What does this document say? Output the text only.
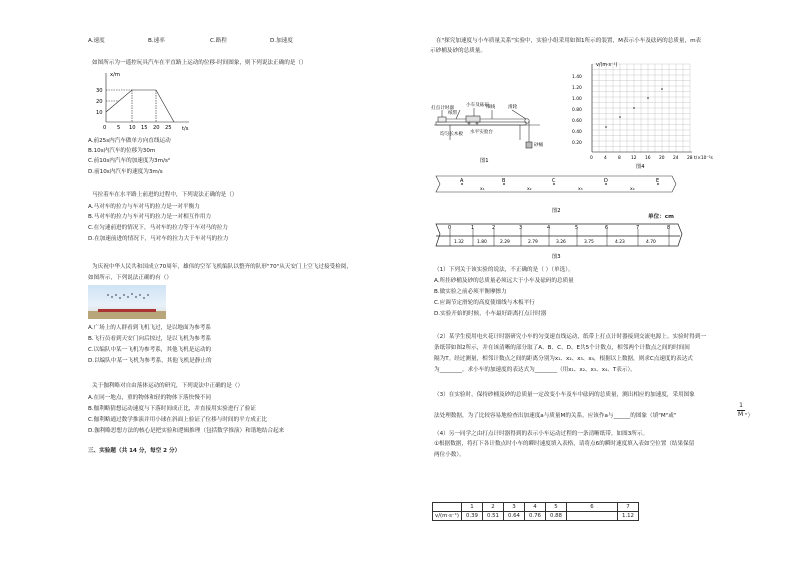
A.速度	B.速率	C.路程	D.加速度
如图所示为一遥控玩具汽车在平直路上运动的位移-时间图象，则下列说法正确的是（）
x/m
t/s
30
20
10
0 5 10 15 20 25
A.前25s内汽车做单方向直线运动
B.10s内汽车的位移为30m
C.前10s内汽车的加速度为3m/s²
D.前10s内汽车的速度为3m/s
马拉着车在水平路上前进的过程中，下列说法正确的是（）
A.马对车的拉力与车对马的拉力是一对平衡力
B.马对车的拉力与车对马的拉力是一对相互作用力
C.在匀速前进的情况下，马对车的拉力等于车对马的拉力
D.在加速前进的情况下，马对车的拉力大于车对马的拉力
为庆祝中华人民共和国成立70周年，雄伟的空军飞机编队以整齐的队形"70"从天安门上空飞过接受检阅，
如图所示，下列说法正确的有（）
A.广场上的人群看到飞机飞过，是以地面为参考系
B.飞行员看到天安门向后掠过，是以飞机为参考系
C.以编队中某一飞机为参考系，其他飞机是运动的
D.以编队中某一飞机为参考系，其他飞机是静止的
关于伽利略对自由落体运动的研究，下列说法中正确的是（）
A.在同一地点，重的物体和轻的物体下落快慢不同
B.伽利略猜想运动速度与下落时间成正比，并直接用实验进行了验证
C.伽利略通过数学推演并用小球在斜面上验证了位移与时间的平方成正比
D.伽利略思想方法的核心是把实验和逻辑推理（包括数学推演）和谐地结合起来
三、实验题（共 14 分，每空 2 分）
在"探究加速度与小车质量关系"实验中，实验小组采用如图1所示的装置，M表示小车及砝码的总质量，m表
示砂桶及砂的总质量。
打点计时器
小车及砝码
纸带
细线	滑轮
均匀长木板 水平实验台
砂桶
图1
v/(m·s⁻¹)
1.40
1.20
1.00
0.80
0.60
0.40
0.20
0	4	8 12 16 20 24 28 t/×10⁻²s
图4
A	B	C	D	E
x₁	x₂	x₃	x₄
图2
单位：cm
0	1	2	3	4	5	6	7	8
1.32	1.80	2.29	2.79	3.26	3.75	4.23	4.70
图3
（1）下列关于该实验的说法，不正确的是（ ）（单选）。
A.所挂砂桶及砂的总质量必须远大于小车及砝码的总质量
B.做实验之前必须平衡摩擦力
C.应调节定滑轮的高度使细线与木板平行
D.实验开始的时候，小车最好距离打点计时器
（2）某学生使用电火花计时器研究小车的匀变速直线运动，纸带上打点计时器接到交流电源上。实验时得到一
条纸带如图2所示，并在该清晰的部分取了A、B、C、D、E共5个计数点，相邻两个计数点之间的时间间
隔为T。经过测量，相邻计数点之间的距离分别为x₁、x₂、x₃、x₄，根据以上数据，则求C点速度的表达式
为________，求小车的加速度的表达式为________（用x₁、x₂、x₃、x₄、T表示）。
（3）在实验时，保持砂桶及砂的总质量一定改变小车及车中砝码的总质量，测出相应的加速度，采用图象
1
法处理数据，为了比较容易地检查出加速度a与质量M的关系，应该作a与______的图象（填"M"或"	M "）
（4）另一同学之由打点计时器得到的表示小车运动过程的一条清晰纸带，如图3所示。
①根据数据，将打下各计数点时小车的瞬时速度填入表格，请将点6的瞬时速度填入表如空位置（结果保留
两位小数）。
	1	2	3	4	5	6	7
v/(m·s⁻¹)	0.39	0.51	0.64	0.76	0.88		1.12
